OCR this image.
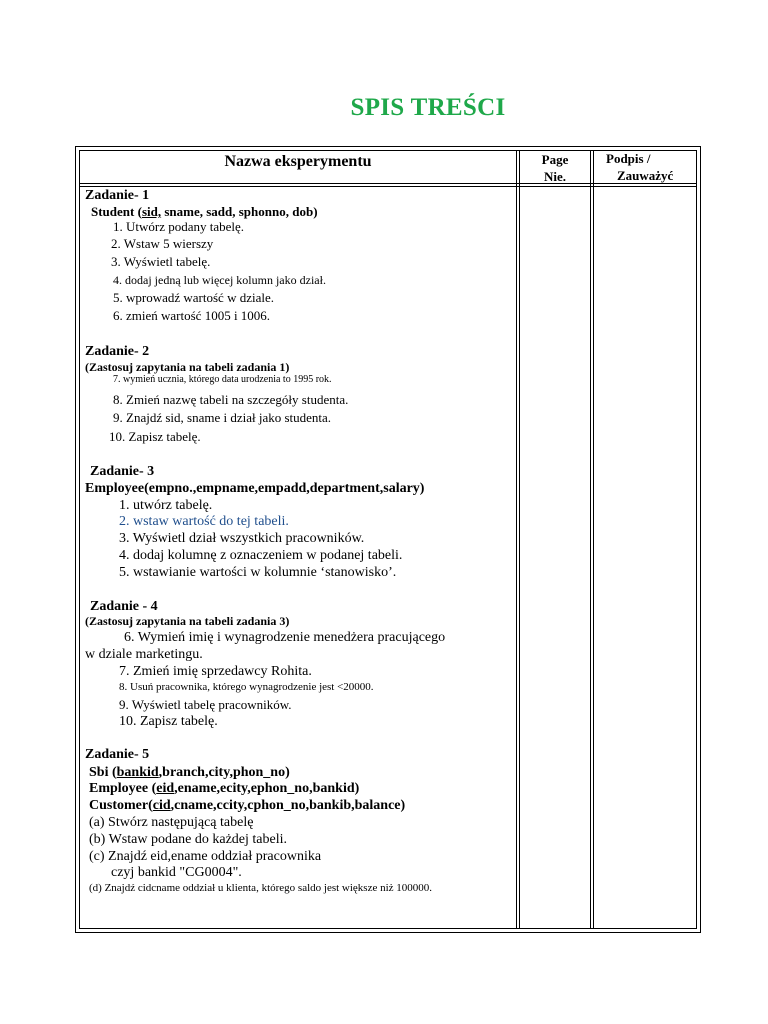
SPIS TREŚCI
Nazwa eksperymentu	Page
Nie.
Podpis /
Zauważyć
Zadanie- 1
Student (sid, sname, sadd, sphonno, dob)
1. Utwórz podany tabelę.
2. Wstaw 5 wierszy
3. Wyświetl tabelę.
4. dodaj jedną lub więcej kolumn jako dział.
5. wprowadź wartość w dziale.
6. zmień wartość 1005 i 1006.
Zadanie- 2
(Zastosuj zapytania na tabeli zadania 1)
7. wymień ucznia, którego data urodzenia to 1995 rok.
8. Zmień nazwę tabeli na szczegóły studenta.
9. Znajdź sid, sname i dział jako studenta.
10. Zapisz tabelę.
Zadanie- 3
Employee(empno.,empname,empadd,department,salary)
1. utwórz tabelę.
2. wstaw wartość do tej tabeli.
3. Wyświetl dział wszystkich pracowników.
4. dodaj kolumnę z oznaczeniem w podanej tabeli.
5. wstawianie wartości w kolumnie ‘stanowisko’.
Zadanie - 4
(Zastosuj zapytania na tabeli zadania 3)
6. Wymień imię i wynagrodzenie menedżera pracującego
w dziale marketingu.
7. Zmień imię sprzedawcy Rohita.
8. Usuń pracownika, którego wynagrodzenie jest <20000.
9. Wyświetl tabelę pracowników.
10. Zapisz tabelę.
Zadanie- 5
Sbi (bankid,branch,city,phon_no)
Employee (eid,ename,ecity,ephon_no,bankid)
Customer(cid,cname,ccity,cphon_no,bankib,balance)
(a) Stwórz następującą tabelę
(b) Wstaw podane do każdej tabeli.
(c) Znajdź eid,ename oddział pracownika
czyj bankid "CG0004".
(d) Znajdź cidcname oddział u klienta, którego saldo jest większe niż 100000.
